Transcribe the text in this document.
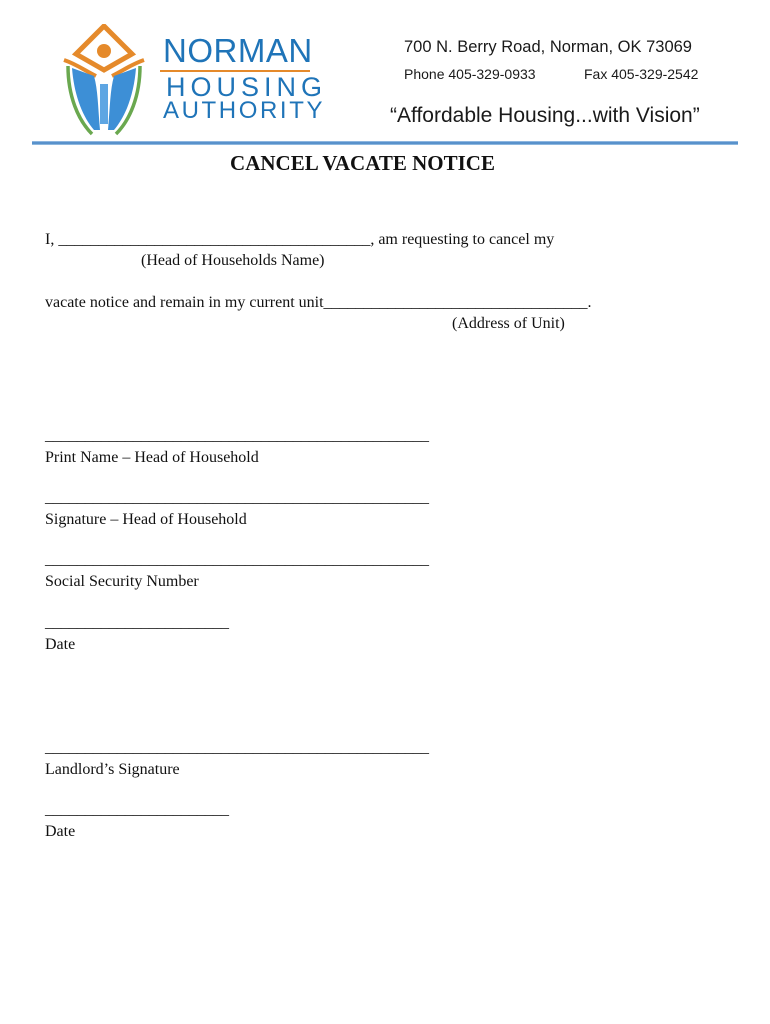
NORMAN
HOUSING
AUTHORITY
700 N. Berry Road, Norman, OK 73069
Phone 405-329-0933	Fax 405-329-2542
“Affordable Housing...with Vision”
CANCEL VACATE NOTICE
I, _______________________________________, am requesting to cancel my
(Head of Households Name)
vacate notice and remain in my current unit_________________________________.
(Address of Unit)
________________________________________________
Print Name – Head of Household
________________________________________________
Signature – Head of Household
________________________________________________
Social Security Number
_______________________
Date
________________________________________________
Landlord’s Signature
_______________________
Date
